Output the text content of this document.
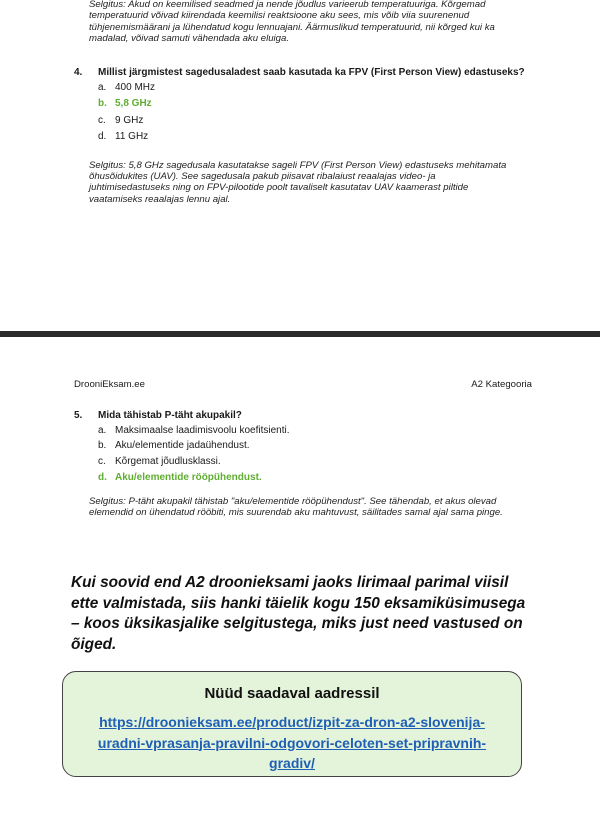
Selgitus: Akud on keemilised seadmed ja nende jõudlus varieerub temperatuuriga. Kõrgemad temperatuurid võivad kiirendada keemilisi reaktsioone aku sees, mis võib viia suurenenud tühjenemismäärani ja lühendatud kogu lennuajani. Äärmuslikud temperatuurid, nii kõrged kui ka madalad, võivad samuti vähendada aku eluiga.
4.	Millist järgmistest sagedusaladest saab kasutada ka FPV (First Person View) edastuseks?
a. 400 MHz
b. 5,8 GHz
c. 9 GHz
d. 11 GHz
Selgitus: 5,8 GHz sagedusala kasutatakse sageli FPV (First Person View) edastuseks mehitamata õhusõidukites (UAV). See sagedusala pakub piisavat ribalaiust reaalajas video- ja juhtimisedastuseks ning on FPV-pilootide poolt tavaliselt kasutatav UAV kaamerast piltide vaatamiseks reaalajas lennu ajal.
DrooniEksam.ee	A2 Kategooria
5.	Mida tähistab P-täht akupakil?
a. Maksimaalse laadimisvoolu koefitsienti.
b. Aku/elementide jadaühendust.
c. Kõrgemat jõudlusklassi.
d. Aku/elementide rööpühendust.
Selgitus: P-täht akupakil tähistab "aku/elementide rööpühendust". See tähendab, et akus olevad elemendid on ühendatud rööbiti, mis suurendab aku mahtuvust, säilitades samal ajal sama pinge.
Kui soovid end A2 droonieksami jaoks lirimaal parimal viisil ette valmistada, siis hanki täielik kogu 150 eksamiküsimusega – koos üksikasjalike selgitustega, miks just need vastused on õiged.
Nüüd saadaval aadressil
https://droonieksam.ee/product/izpit-za-dron-a2-slovenija-uradni-vprasanja-pravilni-odgovori-celoten-set-pripravnih-gradiv/
